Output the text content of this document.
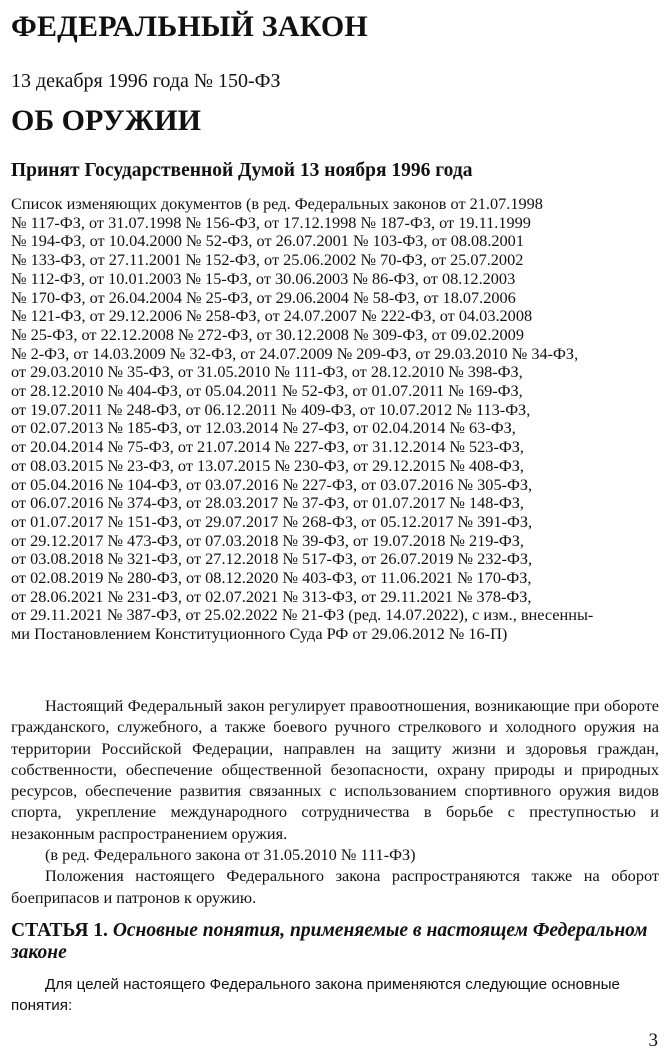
ФЕДЕРАЛЬНЫЙ ЗАКОН
13 декабря 1996 года № 150-ФЗ
ОБ ОРУЖИИ
Принят Государственной Думой 13 ноября 1996 года
Список изменяющих документов (в ред. Федеральных законов от 21.07.1998
№ 117-ФЗ, от 31.07.1998 № 156-ФЗ, от 17.12.1998 № 187-ФЗ, от 19.11.1999
№ 194-ФЗ, от 10.04.2000 № 52-ФЗ, от 26.07.2001 № 103-ФЗ, от 08.08.2001
№ 133-ФЗ, от 27.11.2001 № 152-ФЗ, от 25.06.2002 № 70-ФЗ, от 25.07.2002
№ 112-ФЗ, от 10.01.2003 № 15-ФЗ, от 30.06.2003 № 86-ФЗ, от 08.12.2003
№ 170-ФЗ, от 26.04.2004 № 25-ФЗ, от 29.06.2004 № 58-ФЗ, от 18.07.2006
№ 121-ФЗ, от 29.12.2006 № 258-ФЗ, от 24.07.2007 № 222-ФЗ, от 04.03.2008
№ 25-ФЗ, от 22.12.2008 № 272-ФЗ, от 30.12.2008 № 309-ФЗ, от 09.02.2009
№ 2-ФЗ, от 14.03.2009 № 32-ФЗ, от 24.07.2009 № 209-ФЗ, от 29.03.2010 № 34-ФЗ,
от 29.03.2010 № 35-ФЗ, от 31.05.2010 № 111-ФЗ, от 28.12.2010 № 398-ФЗ,
от 28.12.2010 № 404-ФЗ, от 05.04.2011 № 52-ФЗ, от 01.07.2011 № 169-ФЗ,
от 19.07.2011 № 248-ФЗ, от 06.12.2011 № 409-ФЗ, от 10.07.2012 № 113-ФЗ,
от 02.07.2013 № 185-ФЗ, от 12.03.2014 № 27-ФЗ, от 02.04.2014 № 63-ФЗ,
от 20.04.2014 № 75-ФЗ, от 21.07.2014 № 227-ФЗ, от 31.12.2014 № 523-ФЗ,
от 08.03.2015 № 23-ФЗ, от 13.07.2015 № 230-ФЗ, от 29.12.2015 № 408-ФЗ,
от 05.04.2016 № 104-ФЗ, от 03.07.2016 № 227-ФЗ, от 03.07.2016 № 305-ФЗ,
от 06.07.2016 № 374-ФЗ, от 28.03.2017 № 37-ФЗ, от 01.07.2017 № 148-ФЗ,
от 01.07.2017 № 151-ФЗ, от 29.07.2017 № 268-ФЗ, от 05.12.2017 № 391-ФЗ,
от 29.12.2017 № 473-ФЗ, от 07.03.2018 № 39-ФЗ, от 19.07.2018 № 219-ФЗ,
от 03.08.2018 № 321-ФЗ, от 27.12.2018 № 517-ФЗ, от 26.07.2019 № 232-ФЗ,
от 02.08.2019 № 280-ФЗ, от 08.12.2020 № 403-ФЗ, от 11.06.2021 № 170-ФЗ,
от 28.06.2021 № 231-ФЗ, от 02.07.2021 № 313-ФЗ, от 29.11.2021 № 378-ФЗ,
от 29.11.2021 № 387-ФЗ, от 25.02.2022 № 21-ФЗ (ред. 14.07.2022), с изм., внесенны-
ми Постановлением Конституционного Суда РФ от 29.06.2012 № 16-П)

Настоящий Федеральный закон регулирует правоотношения, возникающие при обороте гражданского, служебного, а также боевого ручного стрелкового и холодного оружия на территории Российской Федерации, направлен на защиту жизни и здоровья граждан, собственности, обеспечение общественной безопасности, охрану природы и природных ресурсов, обеспечение развития связанных с использованием спортивного оружия видов спорта, укрепление международного сотрудничества в борьбе с преступностью и незаконным распространением оружия.

(в ред. Федерального закона от 31.05.2010 № 111-ФЗ)

Положения настоящего Федерального закона распространяются также на оборот боеприпасов и патронов к оружию.

СТАТЬЯ 1. Основные понятия, применяемые в настоящем Федеральном законе

Для целей настоящего Федерального закона применяются следующие основные понятия:

3
